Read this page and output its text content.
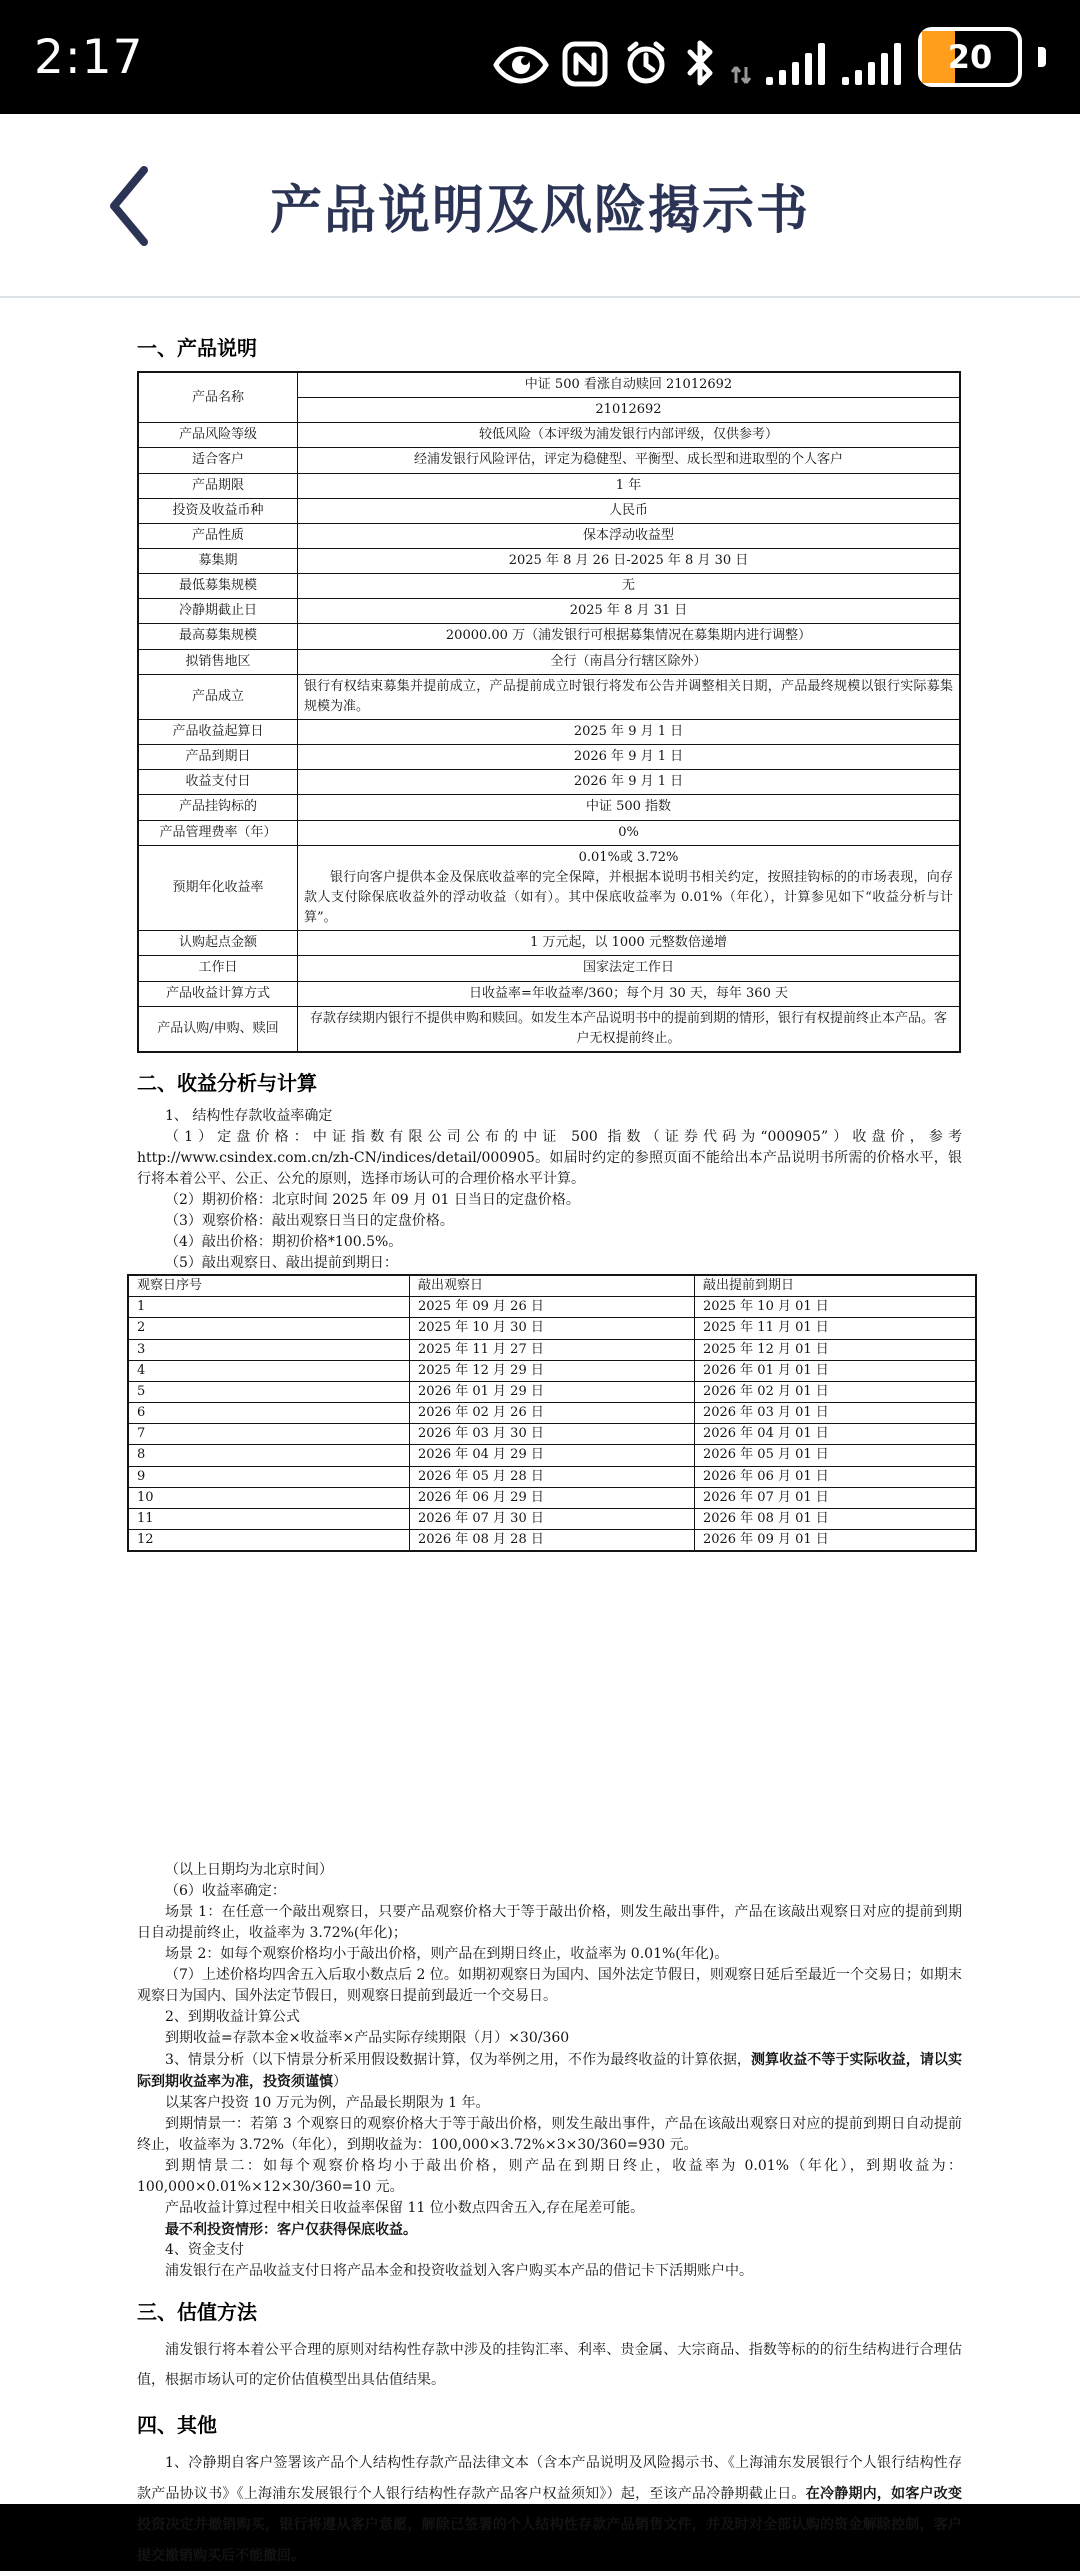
2:17	20
产品说明及风险揭示书
一、产品说明
产品名称	中证 500 看涨自动赎回 21012692
	21012692
产品风险等级	较低风险（本评级为浦发银行内部评级，仅供参考）
适合客户	经浦发银行风险评估，评定为稳健型、平衡型、成长型和进取型的个人客户
产品期限	1 年
投资及收益币种	人民币
产品性质	保本浮动收益型
募集期	2025 年 8 月 26 日-2025 年 8 月 30 日
最低募集规模	无
冷静期截止日	2025 年 8 月 31 日
最高募集规模	20000.00 万（浦发银行可根据募集情况在募集期内进行调整）
拟销售地区	全行（南昌分行辖区除外）
产品成立	银行有权结束募集并提前成立，产品提前成立时银行将发布公告并调整相关日期，产品最终规模以银行实际募集规模为准。
产品收益起算日	2025 年 9 月 1 日
产品到期日	2026 年 9 月 1 日
收益支付日	2026 年 9 月 1 日
产品挂钩标的	中证 500 指数
产品管理费率（年）	0%
预期年化收益率	0.01%或 3.72%
银行向客户提供本金及保底收益率的完全保障，并根据本说明书相关约定，按照挂钩标的的市场表现，向存款人支付除保底收益外的浮动收益（如有）。其中保底收益率为 0.01%（年化），计算参见如下“收益分析与计算”。

认购起点金额	1 万元起，以 1000 元整数倍递增
工作日	国家法定工作日
产品收益计算方式	日收益率=年收益率/360；每个月 30 天，每年 360 天
产品认购/申购、赎回	存款存续期内银行不提供申购和赎回。如发生本产品说明书中的提前到期的情形，银行有权提前终止本产品。客户无权提前终止。
二、收益分析与计算

1、 结构性存款收益率确定

（1）定盘价格：中证指数有限公司公布的中证 500 指数（证券代码为“000905”）收盘价，参考 http://www.csindex.com.cn/zh-CN/indices/detail/000905。如届时约定的参照页面不能给出本产品说明书所需的价格水平，银行将本着公平、公正、公允的原则，选择市场认可的合理价格水平计算。

（2）期初价格：北京时间 2025 年 09 月 01 日当日的定盘价格。

（3）观察价格：敲出观察日当日的定盘价格。

（4）敲出价格：期初价格*100.5%。

（5）敲出观察日、敲出提前到期日：

观察日序号	敲出观察日	敲出提前到期日
1	2025 年 09 月 26 日	2025 年 10 月 01 日
2	2025 年 10 月 30 日	2025 年 11 月 01 日
3	2025 年 11 月 27 日	2025 年 12 月 01 日
4	2025 年 12 月 29 日	2026 年 01 月 01 日
5	2026 年 01 月 29 日	2026 年 02 月 01 日
6	2026 年 02 月 26 日	2026 年 03 月 01 日
7	2026 年 03 月 30 日	2026 年 04 月 01 日
8	2026 年 04 月 29 日	2026 年 05 月 01 日
9	2026 年 05 月 28 日	2026 年 06 月 01 日
10	2026 年 06 月 29 日	2026 年 07 月 01 日
11	2026 年 07 月 30 日	2026 年 08 月 01 日
12	2026 年 08 月 28 日	2026 年 09 月 01 日

（以上日期均为北京时间）

（6）收益率确定：

场景 1：在任意一个敲出观察日，只要产品观察价格大于等于敲出价格，则发生敲出事件，产品在该敲出观察日对应的提前到期日自动提前终止，收益率为 3.72%(年化)；

场景 2：如每个观察价格均小于敲出价格，则产品在到期日终止，收益率为 0.01%(年化)。

（7）上述价格均四舍五入后取小数点后 2 位。如期初观察日为国内、国外法定节假日，则观察日延后至最近一个交易日；如期末观察日为国内、国外法定节假日，则观察日提前到最近一个交易日。

2、到期收益计算公式

到期收益=存款本金×收益率×产品实际存续期限（月）×30/360

3、情景分析（以下情景分析采用假设数据计算，仅为举例之用，不作为最终收益的计算依据，测算收益不等于实际收益，请以实际到期收益率为准，投资须谨慎）

以某客户投资 10 万元为例，产品最长期限为 1 年。

到期情景一：若第 3 个观察日的观察价格大于等于敲出价格，则发生敲出事件，产品在该敲出观察日对应的提前到期日自动提前终止，收益率为 3.72%（年化），到期收益为：100,000×3.72%×3×30/360=930 元。

到期情景二：如每个观察价格均小于敲出价格，则产品在到期日终止，收益率为 0.01%（年化），到期收益为：100,000×0.01%×12×30/360=10 元。

产品收益计算过程中相关日收益率保留 11 位小数点四舍五入,存在尾差可能。

最不利投资情形：客户仅获得保底收益。

4、资金支付

浦发银行在产品收益支付日将产品本金和投资收益划入客户购买本产品的借记卡下活期账户中。

三、估值方法

浦发银行将本着公平合理的原则对结构性存款中涉及的挂钩汇率、利率、贵金属、大宗商品、指数等标的的衍生结构进行合理估值，根据市场认可的定价估值模型出具估值结果。

四、其他

1、冷静期自客户签署该产品个人结构性存款产品法律文本（含本产品说明及风险揭示书、《上海浦东发展银行个人银行结构性存款产品协议书》《上海浦东发展银行个人银行结构性存款产品客户权益须知》）起，至该产品冷静期截止日。在冷静期内，如客户改变投资决定并撤销购买，银行将遵从客户意愿，解除已签署的个人结构性存款产品销售文件，并及时对全部认购的资金解除控制，客户提交撤销购买后不能撤回。
